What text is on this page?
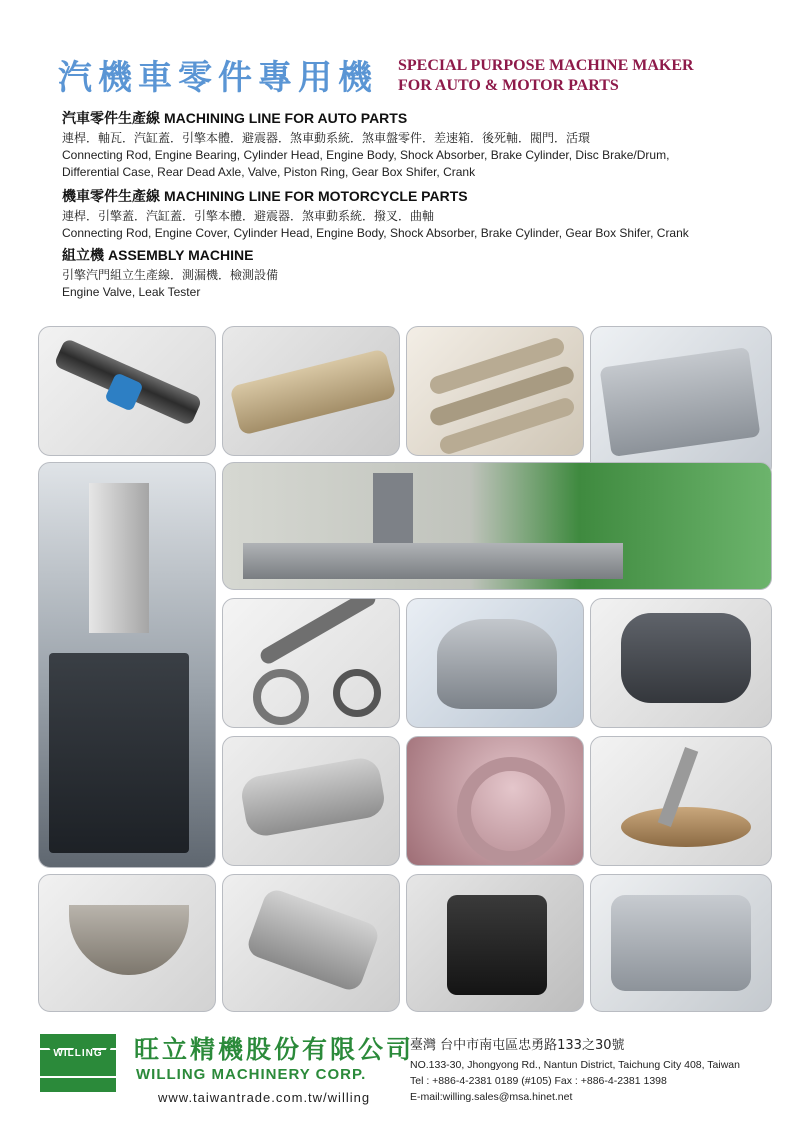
汽機車零件專用機 SPECIAL PURPOSE MACHINE MAKER
FOR AUTO & MOTOR PARTS
汽車零件生產線 MACHINING LINE FOR AUTO PARTS
連桿．軸瓦．汽缸蓋．引擎本體．避震器．煞車動系統．煞車盤零件．差速箱．後死軸．閥門．活環
Connecting Rod, Engine Bearing, Cylinder Head, Engine Body, Shock Absorber, Brake Cylinder, Disc Brake/Drum,
Differential Case, Rear Dead Axle, Valve, Piston Ring, Gear Box Shifer, Crank
機車零件生產線 MACHINING LINE FOR MOTORCYCLE PARTS
連桿．引擎蓋．汽缸蓋．引擎本體．避震器．煞車動系統．撥叉．曲軸
Connecting Rod, Engine Cover, Cylinder Head, Engine Body, Shock Absorber, Brake Cylinder, Gear Box Shifer, Crank
組立機 ASSEMBLY MACHINE
引擎汽門組立生產線．測漏機．檢測設備
Engine Valve, Leak Tester
WILLING	旺立精機股份有限公司
WILLING MACHINERY CORP.
www.taiwantrade.com.tw/willing
臺灣 台中市南屯區忠勇路133之30號
NO.133-30, Jhongyong Rd., Nantun District, Taichung City 408, Taiwan
Tel : +886-4-2381 0189 (#105) Fax : +886-4-2381 1398
E-mail:willing.sales@msa.hinet.net
